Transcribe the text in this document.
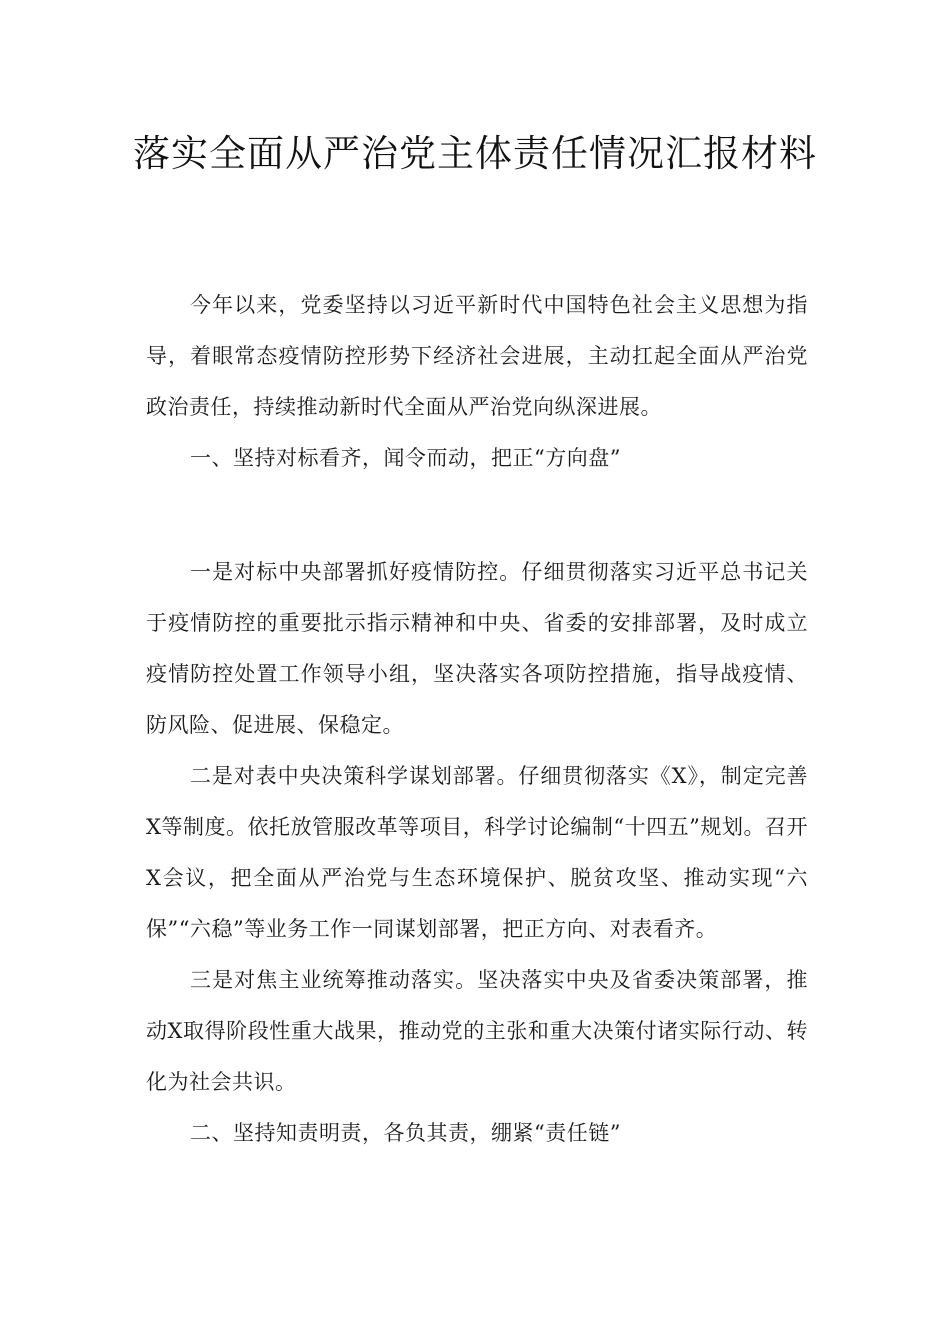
落实全面从严治党主体责任情况汇报材料

今年以来，党委坚持以习近平新时代中国特色社会主义思想为指导，着眼常态疫情防控形势下经济社会进展，主动扛起全面从严治党政治责任，持续推动新时代全面从严治党向纵深进展。

一、坚持对标看齐，闻令而动，把正“方向盘”

一是对标中央部署抓好疫情防控。仔细贯彻落实习近平总书记关于疫情防控的重要批示指示精神和中央、省委的安排部署，及时成立疫情防控处置工作领导小组，坚决落实各项防控措施，指导战疫情、防风险、促进展、保稳定。

二是对表中央决策科学谋划部署。仔细贯彻落实《X》，制定完善X等制度。依托放管服改革等项目，科学讨论编制“十四五”规划。召开X会议，把全面从严治党与生态环境保护、脱贫攻坚、推动实现“六保”“六稳”等业务工作一同谋划部署，把正方向、对表看齐。

三是对焦主业统筹推动落实。坚决落实中央及省委决策部署，推动X取得阶段性重大战果，推动党的主张和重大决策付诸实际行动、转化为社会共识。

二、坚持知责明责，各负其责，绷紧“责任链”
